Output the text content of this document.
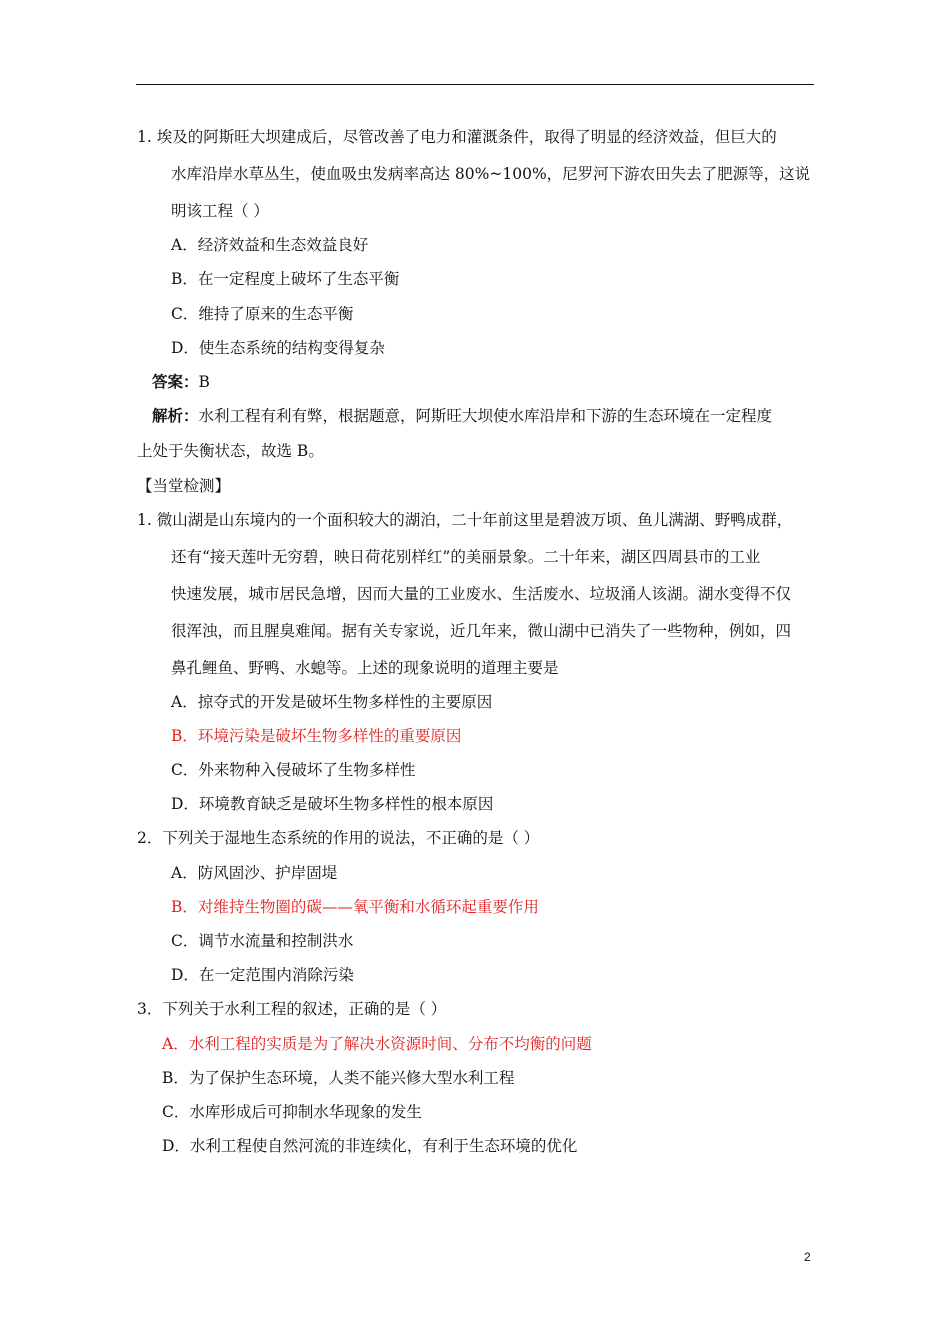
1. 埃及的阿斯旺大坝建成后，尽管改善了电力和灌溉条件，取得了明显的经济效益，但巨大的
水库沿岸水草丛生，使血吸虫发病率高达 80%~100%，尼罗河下游农田失去了肥源等，这说
明该工程（ ）
A．经济效益和生态效益良好
B．在一定程度上破坏了生态平衡
C．维持了原来的生态平衡
D．使生态系统的结构变得复杂
答案：B
解析：水利工程有利有弊，根据题意，阿斯旺大坝使水库沿岸和下游的生态环境在一定程度
上处于失衡状态，故选 B。
【当堂检测】
1. 微山湖是山东境内的一个面积较大的湖泊，二十年前这里是碧波万顷、鱼儿满湖、野鸭成群，
还有“接天莲叶无穷碧，映日荷花别样红”的美丽景象。二十年来，湖区四周县市的工业
快速发展，城市居民急增，因而大量的工业废水、生活废水、垃圾涌人该湖。湖水变得不仅
很浑浊，而且腥臭难闻。据有关专家说，近几年来，微山湖中已消失了一些物种，例如，四
鼻孔鲤鱼、野鸭、水螅等。上述的现象说明的道理主要是
A．掠夺式的开发是破坏生物多样性的主要原因
B．环境污染是破坏生物多样性的重要原因
C．外来物种入侵破坏了生物多样性
D．环境教育缺乏是破坏生物多样性的根本原因
2．下列关于湿地生态系统的作用的说法，不正确的是（ ）
A．防风固沙、护岸固堤
B．对维持生物圈的碳——氧平衡和水循环起重要作用
C．调节水流量和控制洪水
D．在一定范围内消除污染
3．下列关于水利工程的叙述，正确的是（ ）
A．水利工程的实质是为了解决水资源时间、分布不均衡的问题
B．为了保护生态环境，人类不能兴修大型水利工程
C．水库形成后可抑制水华现象的发生
D．水利工程使自然河流的非连续化，有利于生态环境的优化
2
